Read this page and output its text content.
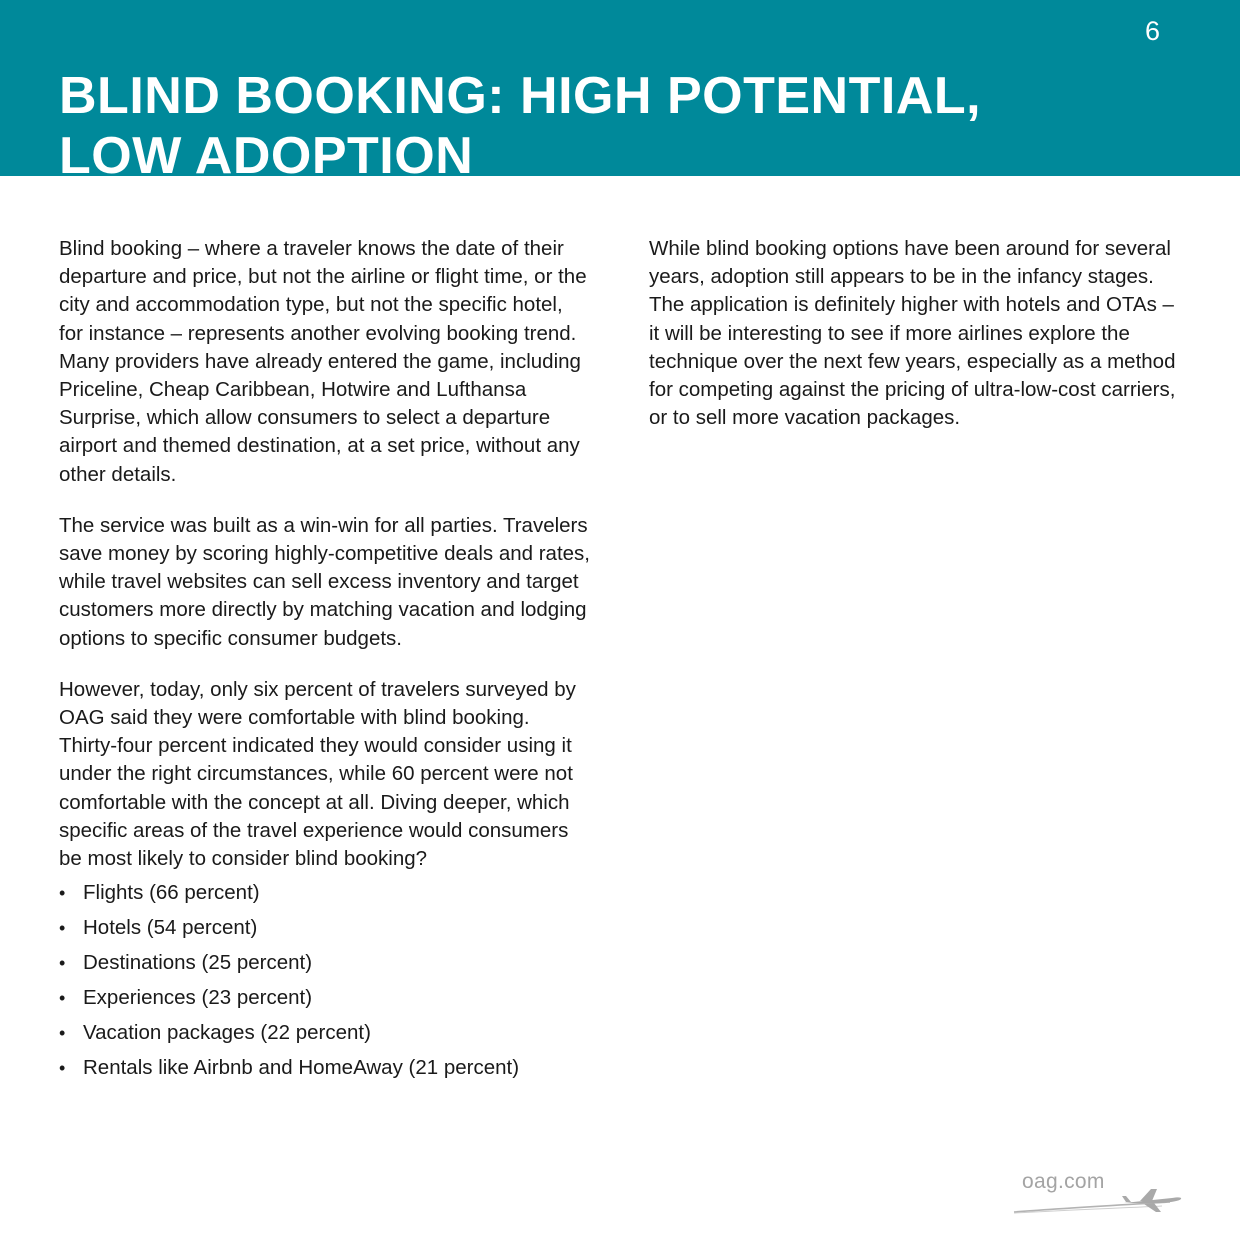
6
BLIND BOOKING: HIGH POTENTIAL,
LOW ADOPTION

Blind booking – where a traveler knows the date of their departure and price, but not the airline or flight time, or the city and accommodation type, but not the specific hotel, for instance – represents another evolving booking trend. Many providers have already entered the game, including Priceline, Cheap Caribbean, Hotwire and Lufthansa Surprise, which allow consumers to select a departure airport and themed destination, at a set price, without any other details.

The service was built as a win-win for all parties. Travelers save money by scoring highly-competitive deals and rates, while travel websites can sell excess inventory and target customers more directly by matching vacation and lodging options to specific consumer budgets.

However, today, only six percent of travelers surveyed by OAG said they were comfortable with blind booking. Thirty-four percent indicated they would consider using it under the right circumstances, while 60 percent were not comfortable with the concept at all. Diving deeper, which specific areas of the travel experience would consumers be most likely to consider blind booking?

• Flights (66 percent)
• Hotels (54 percent)
• Destinations (25 percent)
• Experiences (23 percent)
• Vacation packages (22 percent)
• Rentals like Airbnb and HomeAway (21 percent)

While blind booking options have been around for several years, adoption still appears to be in the infancy stages. The application is definitely higher with hotels and OTAs – it will be interesting to see if more airlines explore the technique over the next few years, especially as a method for competing against the pricing of ultra-low-cost carriers, or to sell more vacation packages.

oag.com
